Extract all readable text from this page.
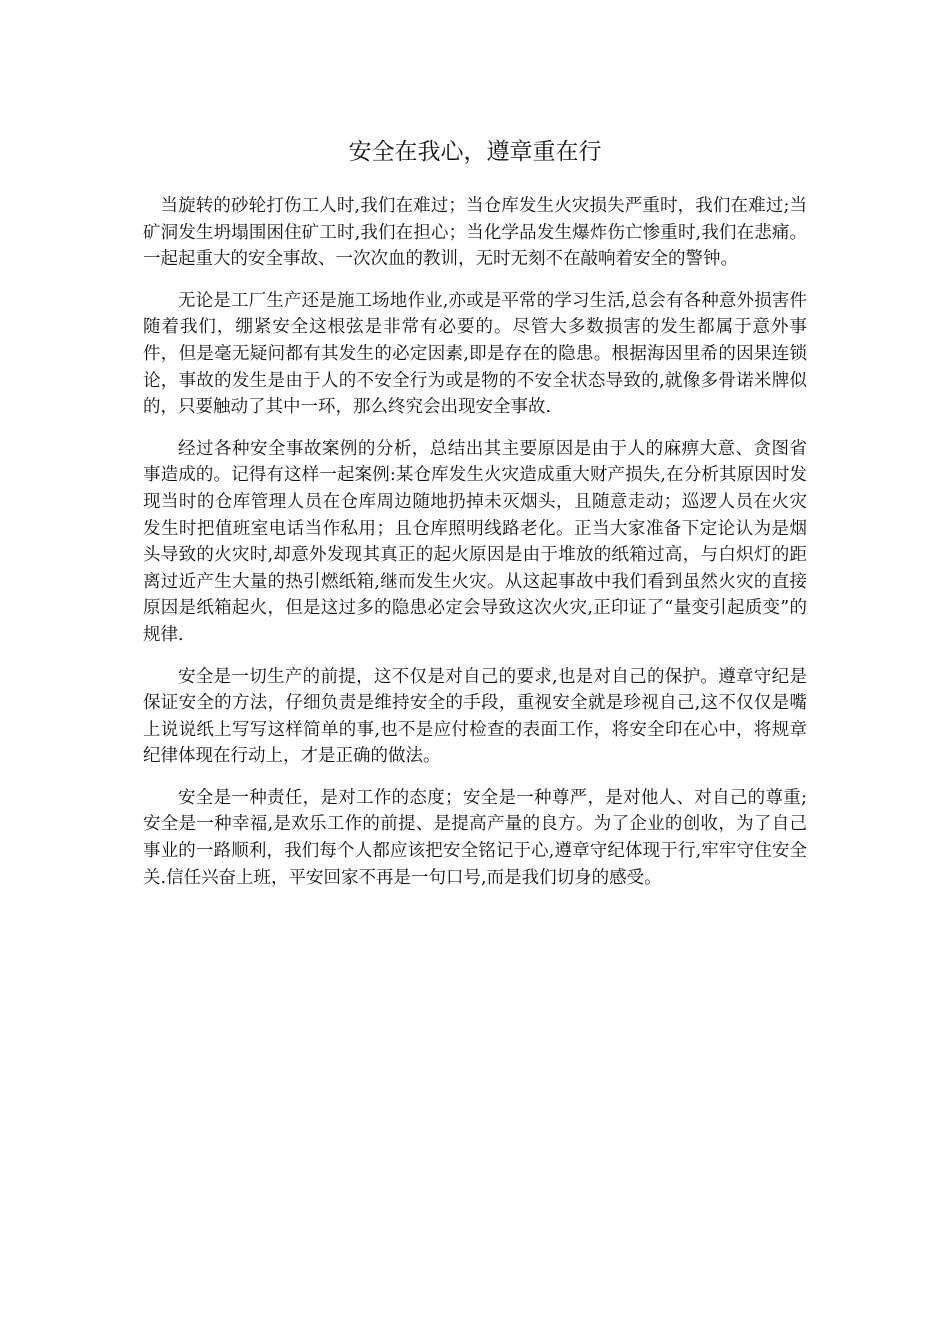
安全在我心，遵章重在行

当旋转的砂轮打伤工人时,我们在难过；当仓库发生火灾损失严重时，我们在难过;当矿洞发生坍塌围困住矿工时,我们在担心；当化学品发生爆炸伤亡惨重时,我们在悲痛。一起起重大的安全事故、一次次血的教训，无时无刻不在敲响着安全的警钟。

无论是工厂生产还是施工场地作业,亦或是平常的学习生活,总会有各种意外损害件随着我们，绷紧安全这根弦是非常有必要的。尽管大多数损害的发生都属于意外事件，但是毫无疑问都有其发生的必定因素,即是存在的隐患。根据海因里希的因果连锁论，事故的发生是由于人的不安全行为或是物的不安全状态导致的,就像多骨诺米牌似的，只要触动了其中一环，那么终究会出现安全事故.

经过各种安全事故案例的分析，总结出其主要原因是由于人的麻痹大意、贪图省事造成的。记得有这样一起案例:某仓库发生火灾造成重大财产损失,在分析其原因时发现当时的仓库管理人员在仓库周边随地扔掉未灭烟头，且随意走动；巡逻人员在火灾发生时把值班室电话当作私用；且仓库照明线路老化。正当大家准备下定论认为是烟头导致的火灾时,却意外发现其真正的起火原因是由于堆放的纸箱过高，与白炽灯的距离过近产生大量的热引燃纸箱,继而发生火灾。从这起事故中我们看到虽然火灾的直接原因是纸箱起火，但是这过多的隐患必定会导致这次火灾,正印证了“量变引起质变”的规律.

安全是一切生产的前提，这不仅是对自己的要求,也是对自己的保护。遵章守纪是保证安全的方法，仔细负责是维持安全的手段，重视安全就是珍视自己,这不仅仅是嘴上说说纸上写写这样简单的事,也不是应付检查的表面工作，将安全印在心中，将规章纪律体现在行动上，才是正确的做法。

安全是一种责任，是对工作的态度；安全是一种尊严，是对他人、对自己的尊重;安全是一种幸福,是欢乐工作的前提、是提高产量的良方。为了企业的创收，为了自己事业的一路顺利，我们每个人都应该把安全铭记于心,遵章守纪体现于行,牢牢守住安全关.信任兴奋上班，平安回家不再是一句口号,而是我们切身的感受。
